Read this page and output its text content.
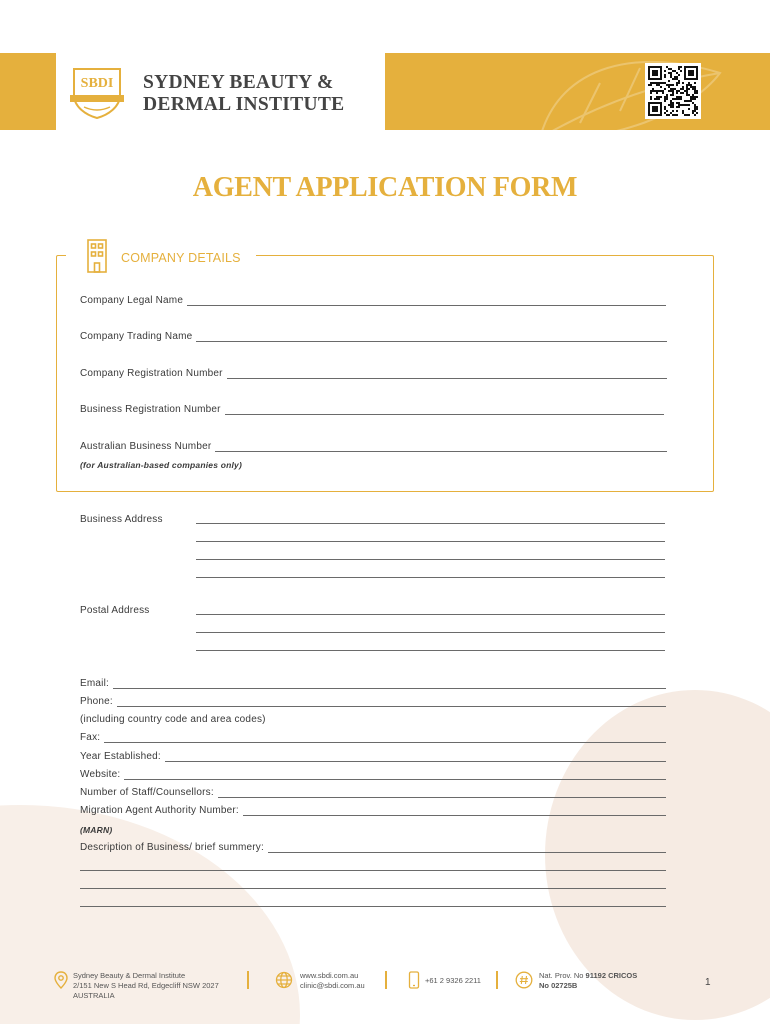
SBDI SYDNEY BEAUTY &
DERMAL INSTITUTE
AGENT APPLICATION FORM
COMPANY DETAILS
Company Legal Name
Company Trading Name
Company Registration Number
Business Registration Number
Australian Business Number
(for Australian-based companies only)
Business Address
Postal Address
Email:
Phone:
(including country code and area codes)
Fax:
Year Established:
Website:
Number of Staff/Counsellors:
Migration Agent Authority Number:
(MARN)
Description of Business/ brief summery:
Sydney Beauty & Dermal Institute
2/151 New S Head Rd, Edgecliff NSW 2027
AUSTRALIA
www.sbdi.com.au
clinic@sbdi.com.au
+61 2 9326 2211
Nat. Prov. No 91192 CRICOS
No 02725B	1
